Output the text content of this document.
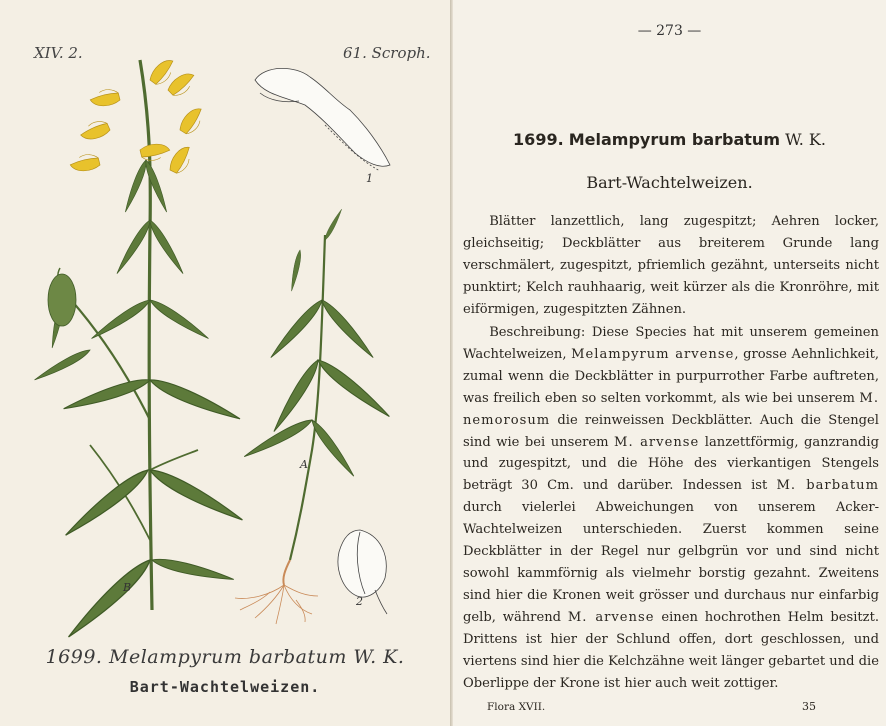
XIV. 2.	61. Scroph.
1
2
A
B
1699. Melampyrum barbatum W. K.
Bart-Wachtelweizen.
— 273 —
1699. Melampyrum barbatum W. K.
Bart-Wachtelweizen.

Blätter lanzettlich, lang zugespitzt; Aehren locker, gleichseitig; Deckblätter aus breiterem Grunde lang verschmälert, zugespitzt, pfriemlich gezähnt, unterseits nicht punktirt; Kelch rauhhaarig, weit kürzer als die Kronröhre, mit eiförmigen, zugespitzten Zähnen.

Beschreibung: Diese Species hat mit unserem gemeinen Wachtelweizen, Melampyrum arvense, grosse Aehnlichkeit, zumal wenn die Deckblätter in purpurrother Farbe auftreten, was freilich eben so selten vorkommt, als wie bei unserem M. nemorosum die reinweissen Deckblätter. Auch die Stengel sind wie bei unserem M. arvense lanzettförmig, ganzrandig und zugespitzt, und die Höhe des vierkantigen Stengels beträgt 30 Cm. und darüber. Indessen ist M. barbatum durch vielerlei Abweichungen von unserem Acker-Wachtelweizen unterschieden. Zuerst kommen seine Deckblätter in der Regel nur gelbgrün vor und sind nicht sowohl kammförnig als vielmehr borstig gezahnt. Zweitens sind hier die Kronen weit grösser und durchaus nur einfarbig gelb, während M. arvense einen hochrothen Helm besitzt. Drittens ist hier der Schlund offen, dort geschlossen, und viertens sind hier die Kelchzähne weit länger gebartet und die Oberlippe der Krone ist hier auch weit zottiger.

Flora XVII.	35
